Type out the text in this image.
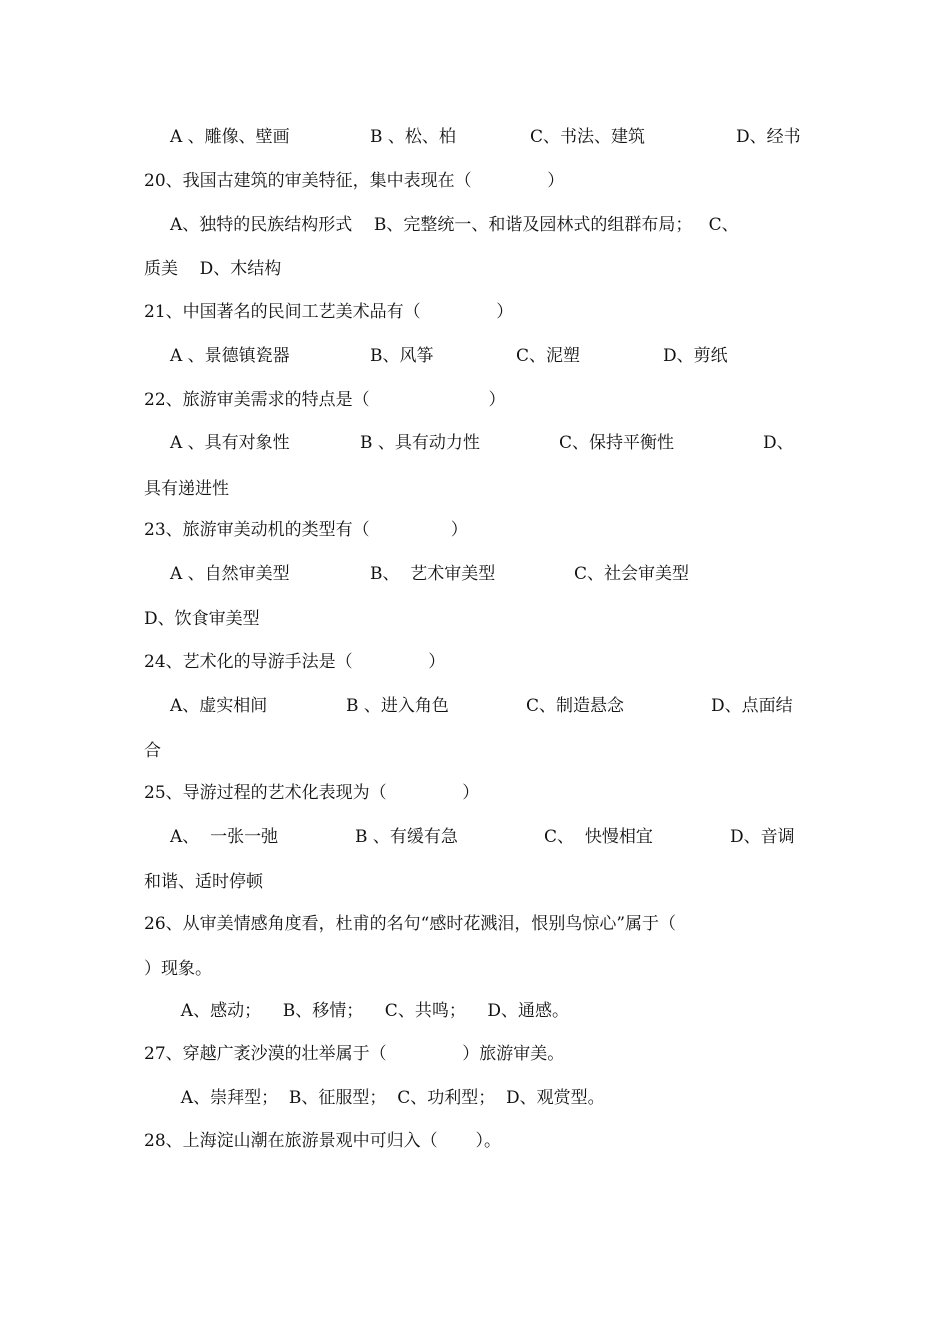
A 、雕像、壁画

	B 、松、柏

	C、书法、建筑

	D、经书

20、我国古建筑的审美特征，集中表现在（              ）
A、独特的民族结构形式    B、完整统一、和谐及园林式的组群布局；   C、
质美    D、木结构
21、中国著名的民间工艺美术品有（              ）

A 、景德镇瓷器

	B、风筝

	C、泥塑

	D、剪纸

22、旅游审美需求的特点是（                      ）

A 、具有对象性

	B 、具有动力性

	C、保持平衡性

	D、

具有递进性
23、旅游审美动机的类型有（               ）

A 、自然审美型

	B、  艺术审美型

	C、社会审美型

D、饮食审美型
24、艺术化的导游手法是（              ）

A、虚实相间

	B 、进入角色

	C、制造悬念

	D、点面结

合
25、导游过程的艺术化表现为（              ）

A、  一张一弛

	B 、有缓有急

	C、  快慢相宜

	D、音调

和谐、适时停顿
26、从审美情感角度看，杜甫的名句“感时花溅泪，恨别鸟惊心”属于（
）现象。
A、感动；    B、移情；    C、共鸣；    D、通感。
27、穿越广袤沙漠的壮举属于（              ）旅游审美。
A、崇拜型；  B、征服型；  C、功利型；  D、观赏型。
28、上海淀山潮在旅游景观中可归入（       ）。
